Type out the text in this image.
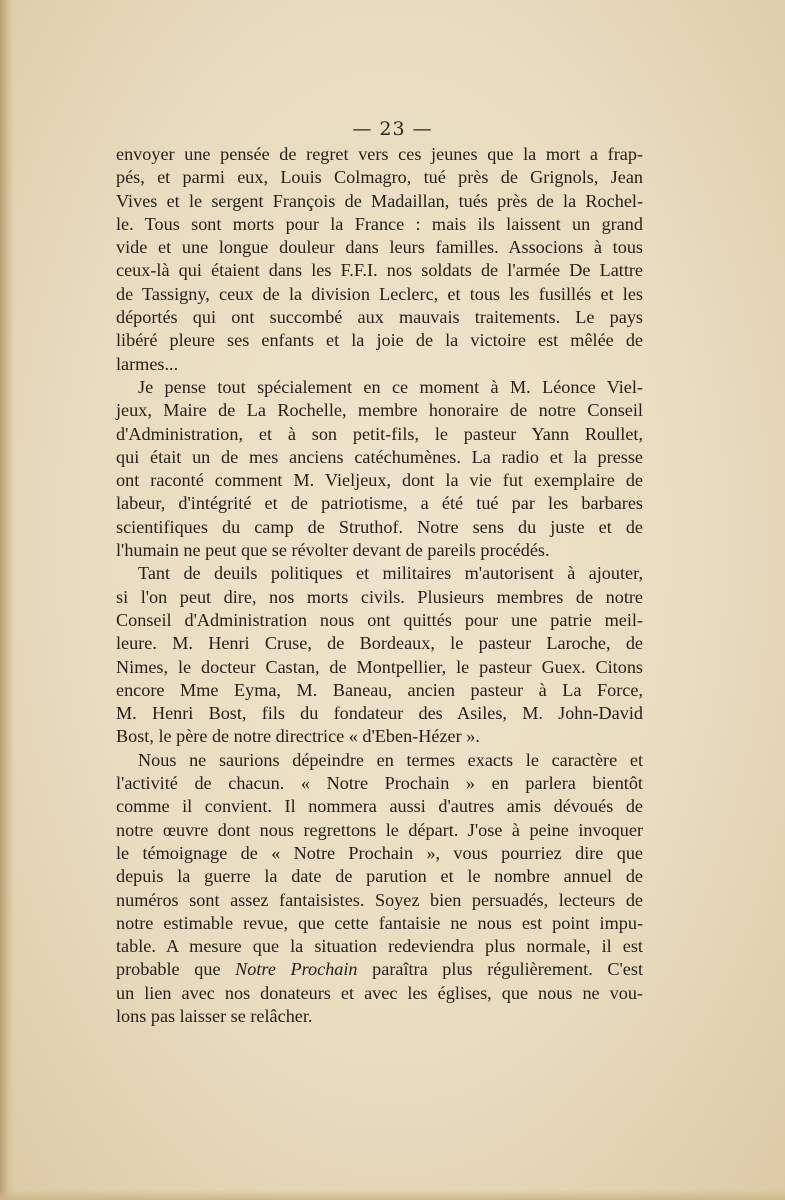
— 23 —
envoyer une pensée de regret vers ces jeunes que la mort a frap-
pés, et parmi eux, Louis Colmagro, tué près de Grignols, Jean
Vives et le sergent François de Madaillan, tués près de la Rochel-
le. Tous sont morts pour la France : mais ils laissent un grand
vide et une longue douleur dans leurs familles. Associons à tous
ceux-là qui étaient dans les F.F.I. nos soldats de l'armée De Lattre
de Tassigny, ceux de la division Leclerc, et tous les fusillés et les
déportés qui ont succombé aux mauvais traitements. Le pays
libéré pleure ses enfants et la joie de la victoire est mêlée de
larmes...
Je pense tout spécialement en ce moment à M. Léonce Viel-
jeux, Maire de La Rochelle, membre honoraire de notre Conseil
d'Administration, et à son petit-fils, le pasteur Yann Roullet,
qui était un de mes anciens catéchumènes. La radio et la presse
ont raconté comment M. Vieljeux, dont la vie fut exemplaire de
labeur, d'intégrité et de patriotisme, a été tué par les barbares
scientifiques du camp de Struthof. Notre sens du juste et de
l'humain ne peut que se révolter devant de pareils procédés.
Tant de deuils politiques et militaires m'autorisent à ajouter,
si l'on peut dire, nos morts civils. Plusieurs membres de notre
Conseil d'Administration nous ont quittés pour une patrie meil-
leure. M. Henri Cruse, de Bordeaux, le pasteur Laroche, de
Nimes, le docteur Castan, de Montpellier, le pasteur Guex. Citons
encore Mme Eyma, M. Baneau, ancien pasteur à La Force,
M. Henri Bost, fils du fondateur des Asiles, M. John-David
Bost, le père de notre directrice « d'Eben-Hézer ».
Nous ne saurions dépeindre en termes exacts le caractère et
l'activité de chacun. « Notre Prochain » en parlera bientôt
comme il convient. Il nommera aussi d'autres amis dévoués de
notre œuvre dont nous regrettons le départ. J'ose à peine invoquer
le témoignage de « Notre Prochain », vous pourriez dire que
depuis la guerre la date de parution et le nombre annuel de
numéros sont assez fantaisistes. Soyez bien persuadés, lecteurs de
notre estimable revue, que cette fantaisie ne nous est point impu-
table. A mesure que la situation redeviendra plus normale, il est
probable que Notre Prochain paraîtra plus régulièrement. C'est
un lien avec nos donateurs et avec les églises, que nous ne vou-
lons pas laisser se relâcher.
